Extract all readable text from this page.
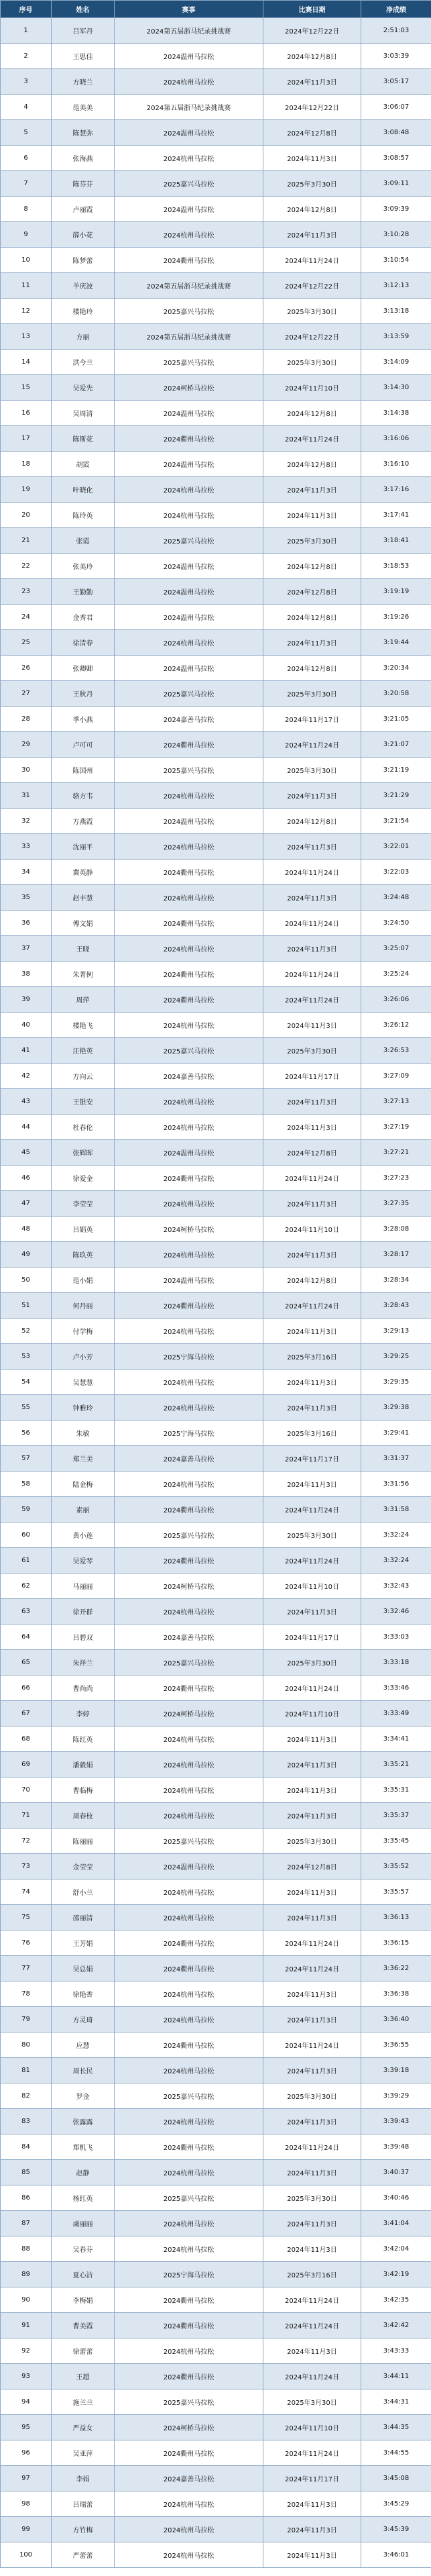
序号	姓名	赛事	比赛日期	净成绩
1	吕军丹	2024第五届浙马纪录挑战赛	2024年12月22日	2:51:03
2	王思佳	2024温州马拉松	2024年12月8日	3:03:39
3	方晓兰	2024杭州马拉松	2024年11月3日	3:05:17
4	范美美	2024第五届浙马纪录挑战赛	2024年12月22日	3:06:07
5	陈慧弥	2024温州马拉松	2024年12月8日	3:08:48
6	张海燕	2024杭州马拉松	2024年11月3日	3:08:57
7	陈芬芬	2025嘉兴马拉松	2025年3月30日	3:09:11
8	卢丽霞	2024温州马拉松	2024年12月8日	3:09:39
9	薛小花	2024杭州马拉松	2024年11月3日	3:10:28
10	陈梦蕾	2024衢州马拉松	2024年11月24日	3:10:54
11	羊庆波	2024第五届浙马纪录挑战赛	2024年12月22日	3:12:13
12	楼艳玲	2025嘉兴马拉松	2025年3月30日	3:13:18
13	方丽	2024第五届浙马纪录挑战赛	2024年12月22日	3:13:59
14	洪今兰	2025嘉兴马拉松	2025年3月30日	3:14:09
15	吴爱先	2024柯桥马拉松	2024年11月10日	3:14:30
16	吴周清	2024温州马拉松	2024年12月8日	3:14:38
17	陈斯花	2024衢州马拉松	2024年11月24日	3:16:06
18	胡霞	2024温州马拉松	2024年12月8日	3:16:10
19	叶晓化	2024杭州马拉松	2024年11月3日	3:17:16
20	陈玲英	2024杭州马拉松	2024年11月3日	3:17:41
21	张霞	2025嘉兴马拉松	2025年3月30日	3:18:41
22	张美玲	2024温州马拉松	2024年12月8日	3:18:53
23	王勤勤	2024温州马拉松	2024年12月8日	3:19:19
24	金秀君	2024温州马拉松	2024年12月8日	3:19:26
25	徐清春	2024杭州马拉松	2024年11月3日	3:19:44
26	张卿卿	2024温州马拉松	2024年12月8日	3:20:34
27	王秋丹	2025嘉兴马拉松	2025年3月30日	3:20:58
28	季小燕	2024嘉善马拉松	2024年11月17日	3:21:05
29	卢可可	2024衢州马拉松	2024年11月24日	3:21:07
30	陈国州	2025嘉兴马拉松	2025年3月30日	3:21:19
31	骆方韦	2024杭州马拉松	2024年11月3日	3:21:29
32	方燕霞	2024温州马拉松	2024年12月8日	3:21:54
33	沈丽平	2024杭州马拉松	2024年11月3日	3:22:01
34	冀英静	2024衢州马拉松	2024年11月24日	3:22:03
35	赵丰慧	2024杭州马拉松	2024年11月3日	3:24:48
36	傅文娟	2024衢州马拉松	2024年11月24日	3:24:50
37	王晓	2024杭州马拉松	2024年11月3日	3:25:07
38	朱菁例	2024衢州马拉松	2024年11月24日	3:25:24
39	周萍	2024衢州马拉松	2024年11月24日	3:26:06
40	楼艳飞	2024杭州马拉松	2024年11月3日	3:26:12
41	汪艳英	2025嘉兴马拉松	2025年3月30日	3:26:53
42	方向云	2024嘉善马拉松	2024年11月17日	3:27:09
43	王银安	2024杭州马拉松	2024年11月3日	3:27:13
44	杜春伦	2024杭州马拉松	2024年11月3日	3:27:19
45	张辉晖	2024温州马拉松	2024年12月8日	3:27:21
46	徐爱金	2024衢州马拉松	2024年11月24日	3:27:23
47	李莹莹	2024杭州马拉松	2024年11月3日	3:27:35
48	吕娟英	2024柯桥马拉松	2024年11月10日	3:28:08
49	陈玖英	2024杭州马拉松	2024年11月3日	3:28:17
50	范小娟	2024温州马拉松	2024年12月8日	3:28:34
51	何丹丽	2024衢州马拉松	2024年11月24日	3:28:43
52	付学梅	2024杭州马拉松	2024年11月3日	3:29:13
53	卢小芳	2025宁海马拉松	2025年3月16日	3:29:25
54	吴慧慧	2024杭州马拉松	2024年11月3日	3:29:35
55	钟雅玲	2024杭州马拉松	2024年11月3日	3:29:38
56	朱敏	2025宁海马拉松	2025年3月16日	3:29:41
57	郑兰美	2024嘉善马拉松	2024年11月17日	3:31:37
58	陆金梅	2024杭州马拉松	2024年11月3日	3:31:56
59	素丽	2024衢州马拉松	2024年11月24日	3:31:58
60	黄小莲	2025嘉兴马拉松	2025年3月30日	3:32:24
61	吴爱琴	2024衢州马拉松	2024年11月24日	3:32:24
62	马丽丽	2024柯桥马拉松	2024年11月10日	3:32:43
63	徐开群	2024杭州马拉松	2024年11月3日	3:32:46
64	吕碧双	2024嘉善马拉松	2024年11月17日	3:33:03
65	朱祥兰	2025嘉兴马拉松	2025年3月30日	3:33:18
66	曹尚尚	2024衢州马拉松	2024年11月24日	3:33:46
67	李婷	2024柯桥马拉松	2024年11月10日	3:33:49
68	陈红英	2024杭州马拉松	2024年11月3日	3:34:41
69	潘毅娟	2024杭州马拉松	2024年11月3日	3:35:21
70	曹临梅	2024杭州马拉松	2024年11月3日	3:35:31
71	周春枝	2024杭州马拉松	2024年11月3日	3:35:37
72	陈丽丽	2025嘉兴马拉松	2025年3月30日	3:35:45
73	金莹莹	2024温州马拉松	2024年12月8日	3:35:52
74	舒小兰	2024杭州马拉松	2024年11月3日	3:35:57
75	邵丽清	2024杭州马拉松	2024年11月3日	3:36:13
76	王芳娟	2024衢州马拉松	2024年11月24日	3:36:15
77	吴总娟	2024衢州马拉松	2024年11月24日	3:36:22
78	徐艳香	2024杭州马拉松	2024年11月3日	3:36:38
79	方灵琦	2024杭州马拉松	2024年11月3日	3:36:40
80	应慧	2024衢州马拉松	2024年11月24日	3:36:55
81	周长民	2024杭州马拉松	2024年11月3日	3:39:18
82	罗金	2025嘉兴马拉松	2025年3月30日	3:39:29
83	张露露	2024杭州马拉松	2024年11月3日	3:39:43
84	郑机飞	2024衢州马拉松	2024年11月24日	3:39:48
85	赵静	2024杭州马拉松	2024年11月3日	3:40:37
86	杨红英	2025嘉兴马拉松	2025年3月30日	3:40:46
87	虞丽丽	2024杭州马拉松	2024年11月3日	3:41:04
88	吴春芬	2024杭州马拉松	2024年11月3日	3:42:04
89	夏心洁	2025宁海马拉松	2025年3月16日	3:42:19
90	李梅娟	2024衢州马拉松	2024年11月24日	3:42:35
91	曹美霞	2024衢州马拉松	2024年11月24日	3:42:42
92	徐蕾蕾	2024杭州马拉松	2024年11月3日	3:43:33
93	王超	2024衢州马拉松	2024年11月24日	3:44:11
94	施兰兰	2025嘉兴马拉松	2025年3月30日	3:44:31
95	严益女	2024柯桥马拉松	2024年11月10日	3:44:35
96	吴亚萍	2024衢州马拉松	2024年11月24日	3:44:55
97	李娟	2024嘉善马拉松	2024年11月17日	3:45:08
98	吕瑞蕾	2024杭州马拉松	2024年11月3日	3:45:29
99	方竹梅	2024杭州马拉松	2024年11月3日	3:45:39
100	严蕾蕾	2024杭州马拉松	2024年11月3日	3:46:01
